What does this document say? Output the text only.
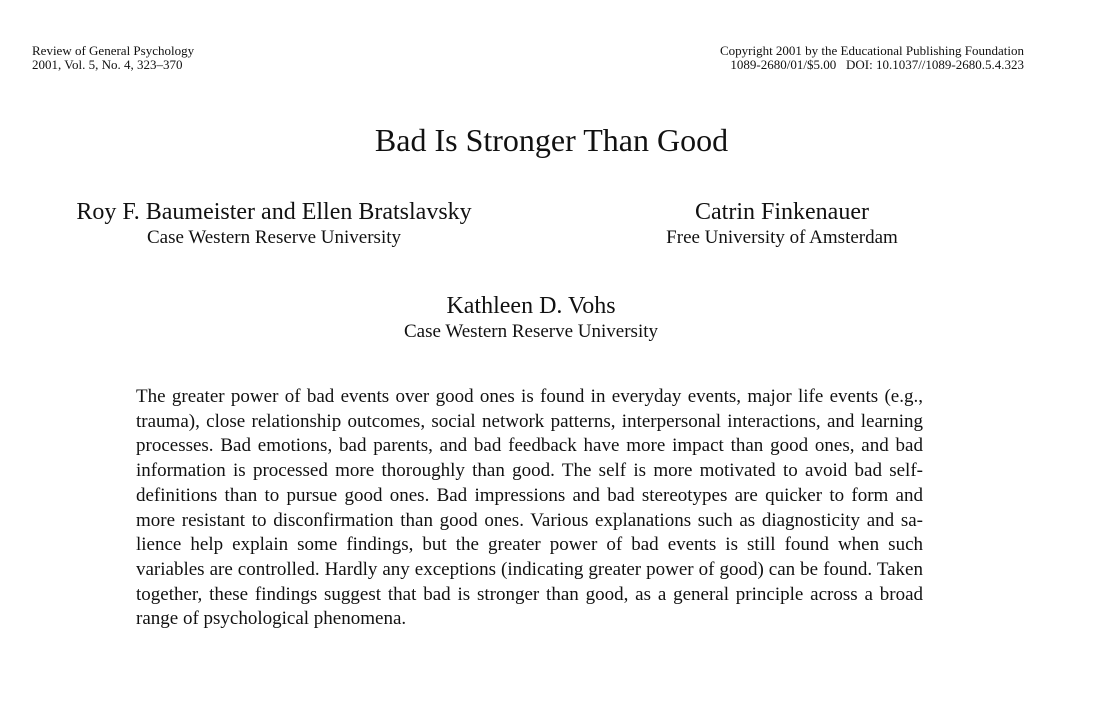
Review of General Psychology
2001, Vol. 5, No. 4, 323–370
Copyright 2001 by the Educational Publishing Foundation
1089-2680/01/$5.00   DOI: 10.1037//1089-2680.5.4.323
Bad Is Stronger Than Good
Roy F. Baumeister and Ellen Bratslavsky
Case Western Reserve University
Catrin Finkenauer
Free University of Amsterdam
Kathleen D. Vohs
Case Western Reserve University

The greater power of bad events over good ones is found in everyday events, major life events (e.g., trauma), close relationship outcomes, social network patterns, interpersonal interactions, and learning processes. Bad emotions, bad parents, and bad feedback have more impact than good ones, and bad information is processed more thoroughly than good. The self is more motivated to avoid bad self-definitions than to pursue good ones. Bad impressions and bad stereotypes are quicker to form and more resistant to disconfirmation than good ones. Various explanations such as diagnosticity and salience help explain some findings, but the greater power of bad events is still found when such variables are controlled. Hardly any exceptions (indicating greater power of good) can be found. Taken together, these findings suggest that bad is stronger than good, as a general principle across a broad range of psychological phenomena.
